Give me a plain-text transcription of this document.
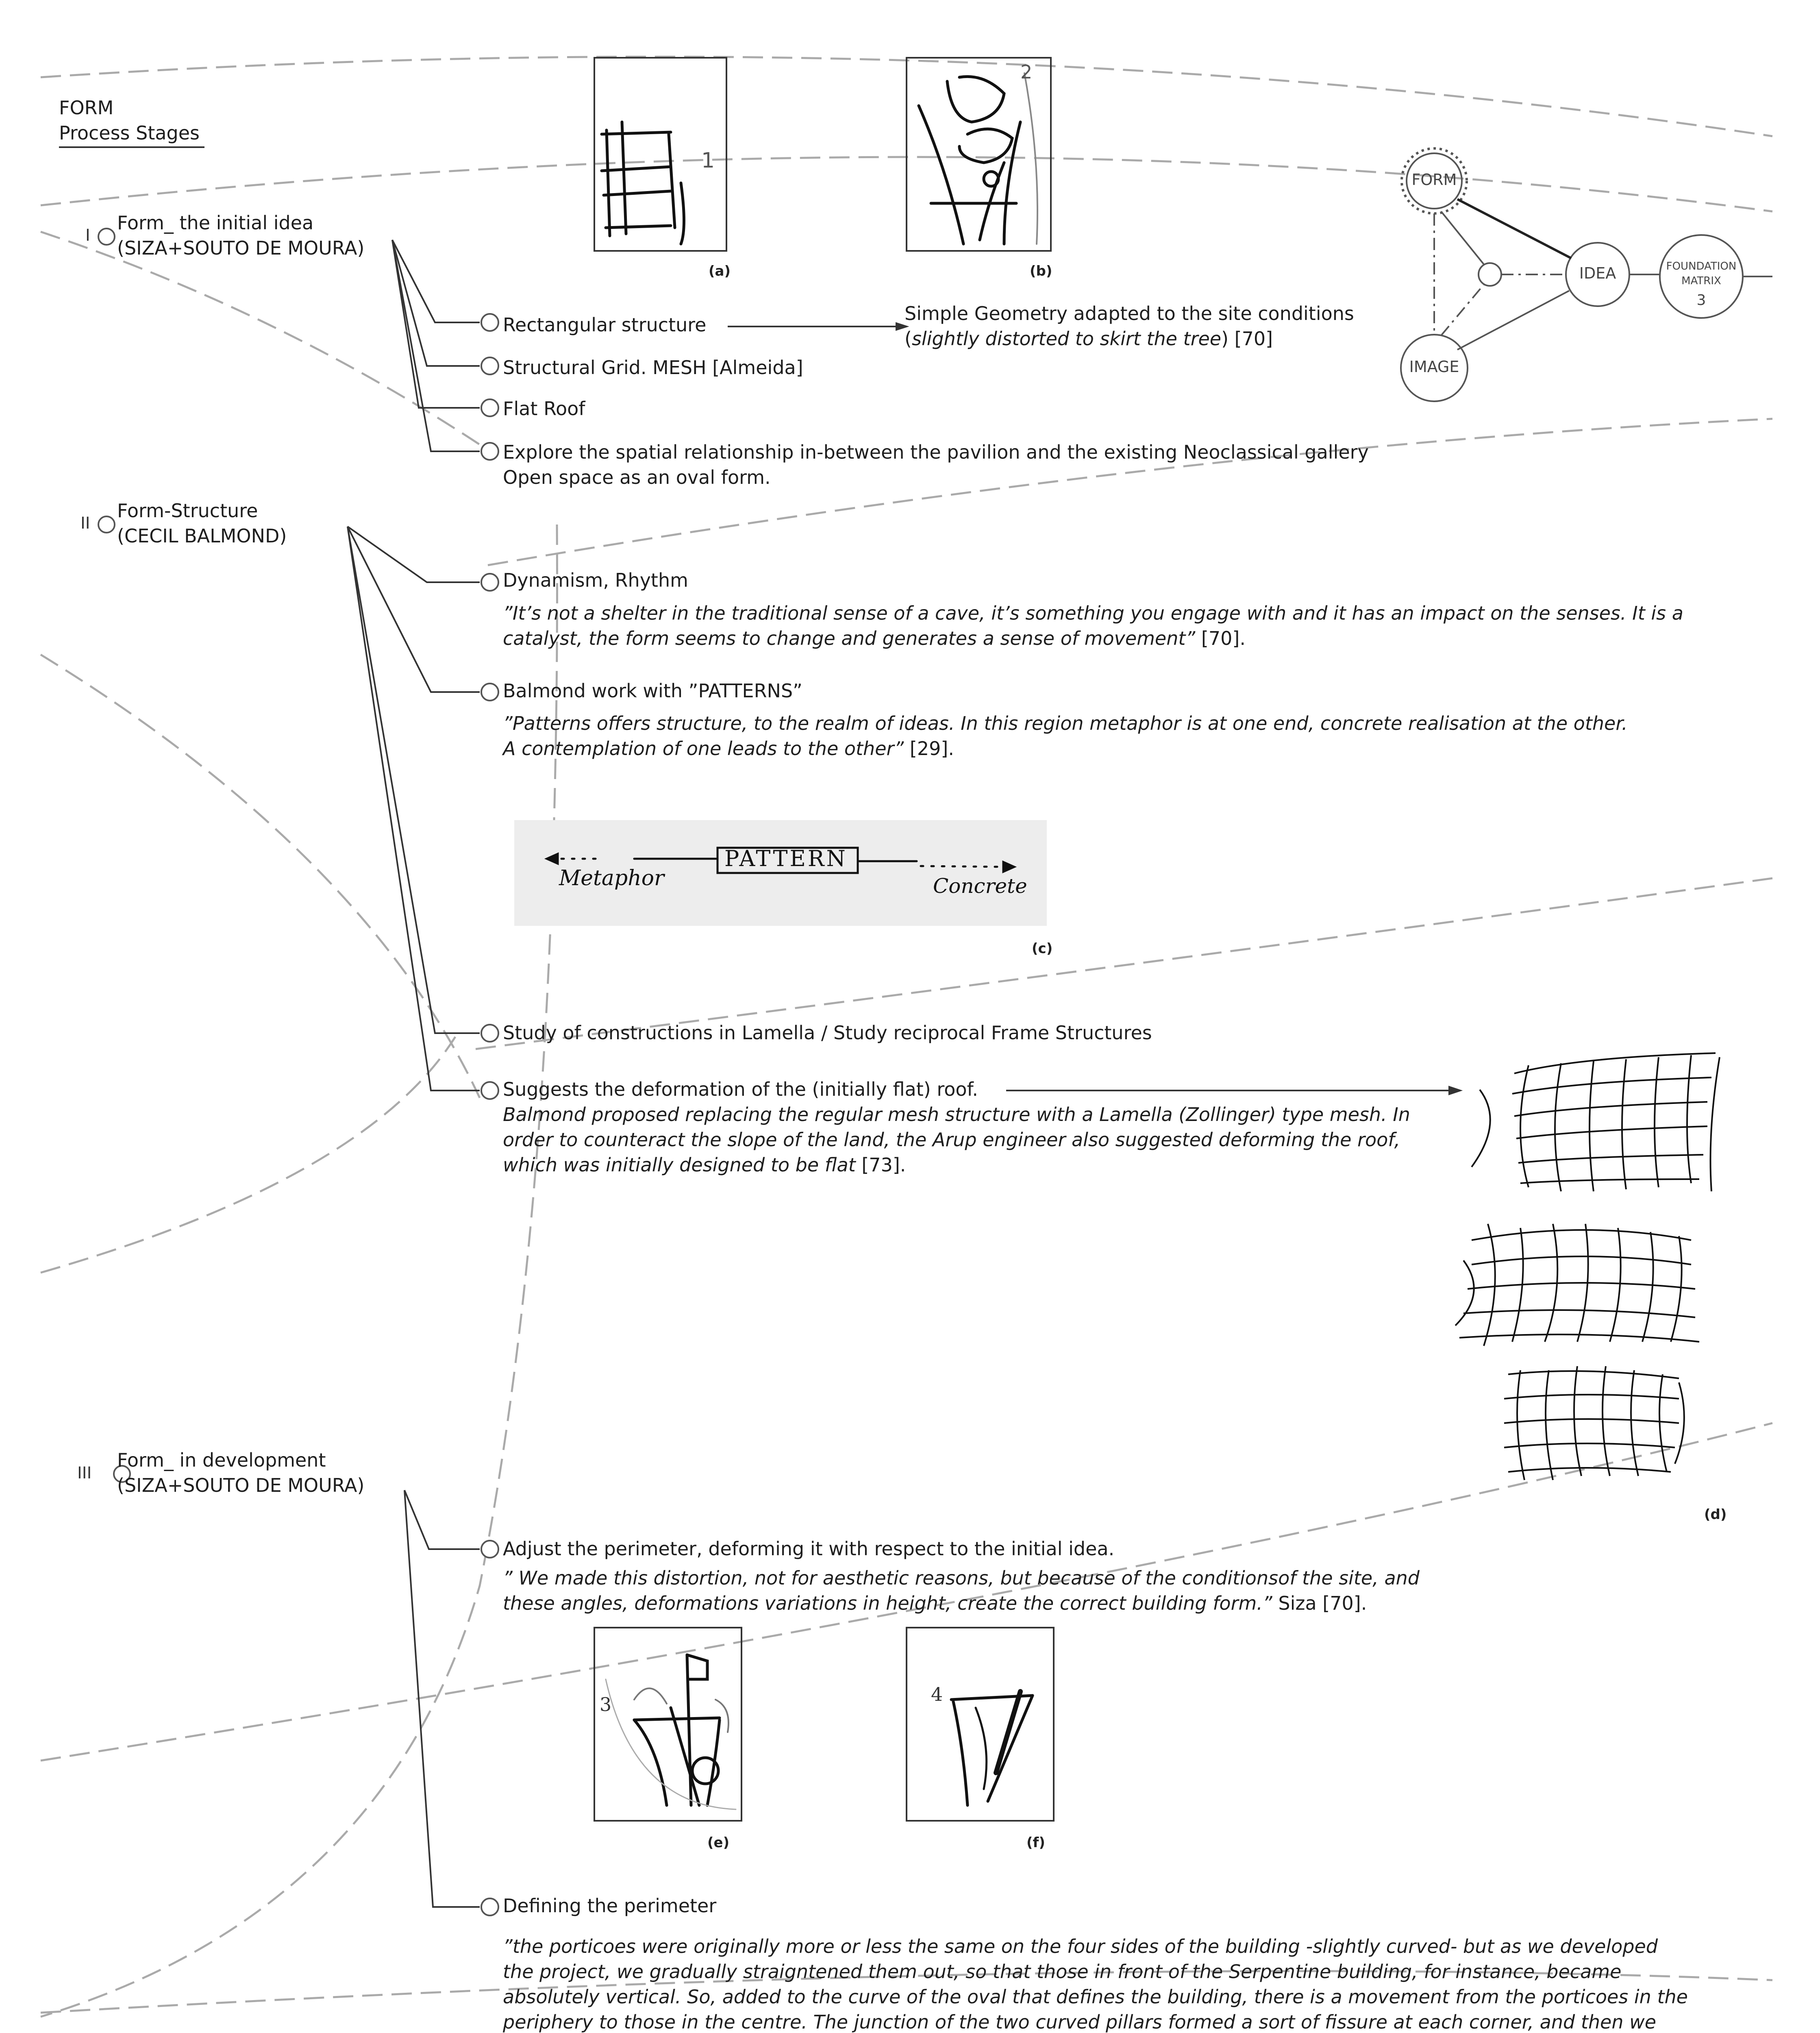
FORM
Process Stages
I
Form_ the initial idea
(SIZA+SOUTO DE MOURA)
II
Form-Structure
(CECIL BALMOND)
III
Form_ in development
(SIZA+SOUTO DE MOURA)
Rectangular structure
Structural Grid. MESH [Almeida]
Flat Roof
Explore the spatial relationship in-between the pavilion and the existing Neoclassical gallery
Open space as an oval form.
Simple Geometry adapted to the site conditions
(slightly distorted to skirt the tree) [70]
Dynamism, Rhythm
”It’s not a shelter in the traditional sense of a cave, it’s something you engage with and it has an impact on the senses. It is a
catalyst, the form seems to change and generates a sense of movement” [70].
Balmond work with ”PATTERNS”
”Patterns offers structure, to the realm of ideas. In this region metaphor is at one end, concrete realisation at the other.
A contemplation of one leads to the other” [29].
Metaphor
PATTERN
Concrete
Study of constructions in Lamella / Study reciprocal Frame Structures
Suggests the deformation of the (initially flat) roof.
Balmond proposed replacing the regular mesh structure with a Lamella (Zollinger) type mesh. In
order to counteract the slope of the land, the Arup engineer also suggested deforming the roof,
which was initially designed to be flat [73].
Adjust the perimeter, deforming it with respect to the initial idea.
” We made this distortion, not for aesthetic reasons, but because of the conditionsof the site, and
these angles, deformations variations in height, create the correct building form.” Siza [70].
Defining the perimeter
”the porticoes were originally more or less the same on the four sides of the building -slightly curved- but as we developed
the project, we gradually straigntened them out, so that those in front of the Serpentine building, for instance, became
absolutely vertical. So, added to the curve of the oval that defines the building, there is a movement from the porticoes in the
periphery to those in the centre. The junction of the two curved pillars formed a sort of fissure at each corner, and then we
1
2
3	4
(a)	(b)
(c)
(d)
(e)	(f)
FORM
IDEA
IMAGE
FOUNDATION
MATRIX
3
